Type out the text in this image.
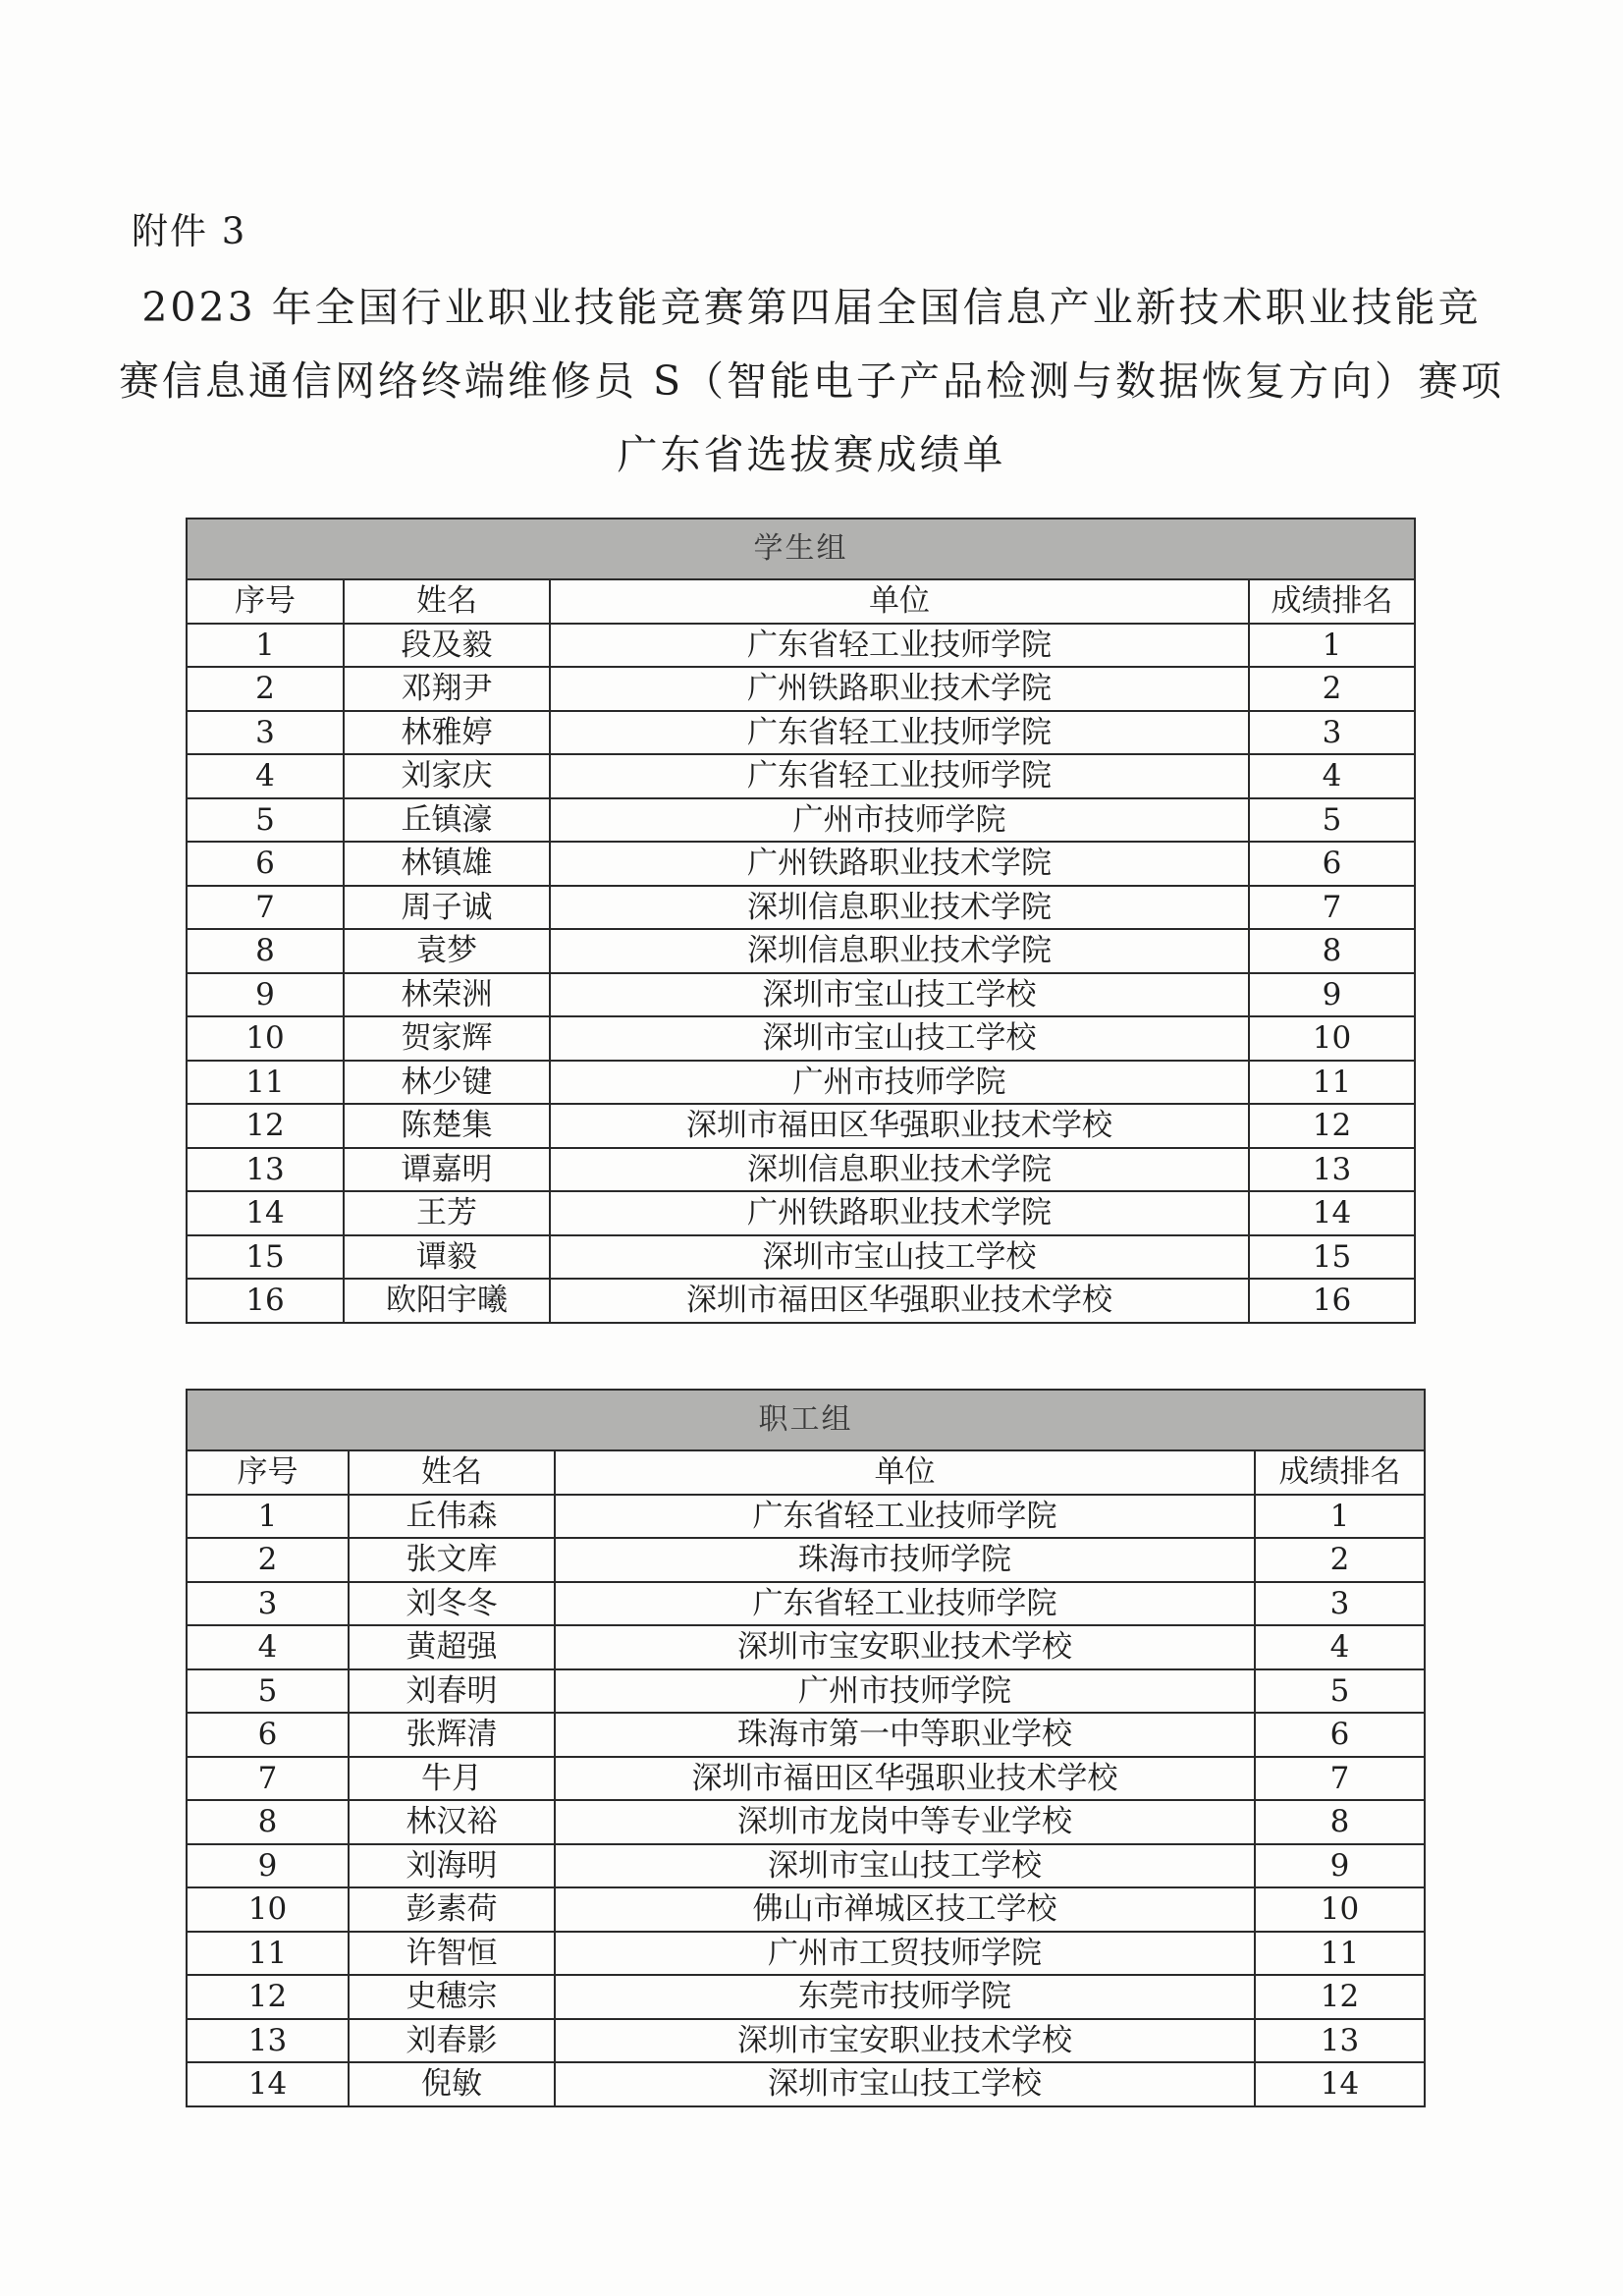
附件 3
2023 年全国行业职业技能竞赛第四届全国信息产业新技术职业技能竞
赛信息通信网络终端维修员 S（智能电子产品检测与数据恢复方向）赛项
广东省选拔赛成绩单
学生组			
序号	姓名	单位	成绩排名
1	段及毅	广东省轻工业技师学院	1
2	邓翔尹	广州铁路职业技术学院	2
3	林雅婷	广东省轻工业技师学院	3
4	刘家庆	广东省轻工业技师学院	4
5	丘镇濠	广州市技师学院	5
6	林镇雄	广州铁路职业技术学院	6
7	周子诚	深圳信息职业技术学院	7
8	袁梦	深圳信息职业技术学院	8
9	林荣洲	深圳市宝山技工学校	9
10	贺家辉	深圳市宝山技工学校	10
11	林少键	广州市技师学院	11
12	陈楚集	深圳市福田区华强职业技术学校	12
13	谭嘉明	深圳信息职业技术学院	13
14	王芳	广州铁路职业技术学院	14
15	谭毅	深圳市宝山技工学校	15
16	欧阳宇曦	深圳市福田区华强职业技术学校	16
职工组			
序号	姓名	单位	成绩排名
1	丘伟森	广东省轻工业技师学院	1
2	张文库	珠海市技师学院	2
3	刘冬冬	广东省轻工业技师学院	3
4	黄超强	深圳市宝安职业技术学校	4
5	刘春明	广州市技师学院	5
6	张辉清	珠海市第一中等职业学校	6
7	牛月	深圳市福田区华强职业技术学校	7
8	林汉裕	深圳市龙岗中等专业学校	8
9	刘海明	深圳市宝山技工学校	9
10	彭素荷	佛山市禅城区技工学校	10
11	许智恒	广州市工贸技师学院	11
12	史穗宗	东莞市技师学院	12
13	刘春影	深圳市宝安职业技术学校	13
14	倪敏	深圳市宝山技工学校	14
